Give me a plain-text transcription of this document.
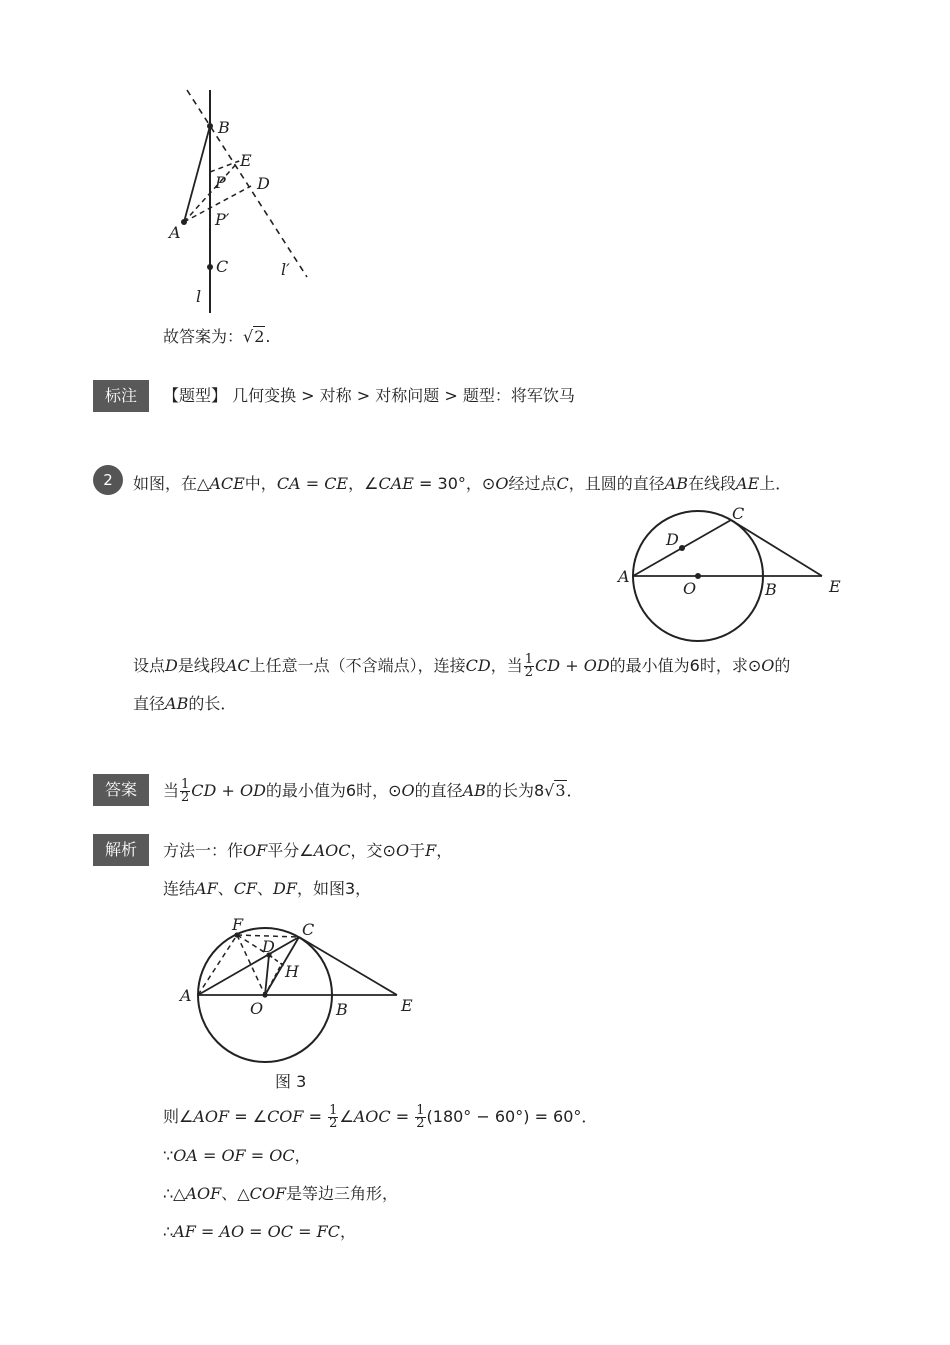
B
E
P D
A
P′
C	l′
l
故答案为：√2.
标注	【题型】 几何变换 > 对称 > 对称问题 > 题型：将军饮马
2	如图，在△ACE中，CA = CE，∠CAE = 30°，⊙O经过点C，且圆的直径AB在线段AE上．
C
D
A
O	B	E
设点D是线段AC上任意一点（不含端点），连接CD，当 $\frac{1}{2}$ CD + OD的最小值为6时，求⊙O的
直径AB的长．
答案	当 $\frac{1}{2}$ CD + OD的最小值为6时，⊙O的直径AB的长为8√3．
解析	方法一：作OF平分∠AOC，交⊙O于F，
连结AF、CF、DF，如图3，
F	C
D
H
A
O	B	E
图 3
则∠AOF = ∠COF = $\frac{1}{2}$ ∠AOC = $\frac{1}{2} (180^\circ - 60^\circ) = 60^\circ$．
∵OA = OF = OC，
∴△AOF、△COF是等边三角形，
∴AF = AO = OC = FC，
